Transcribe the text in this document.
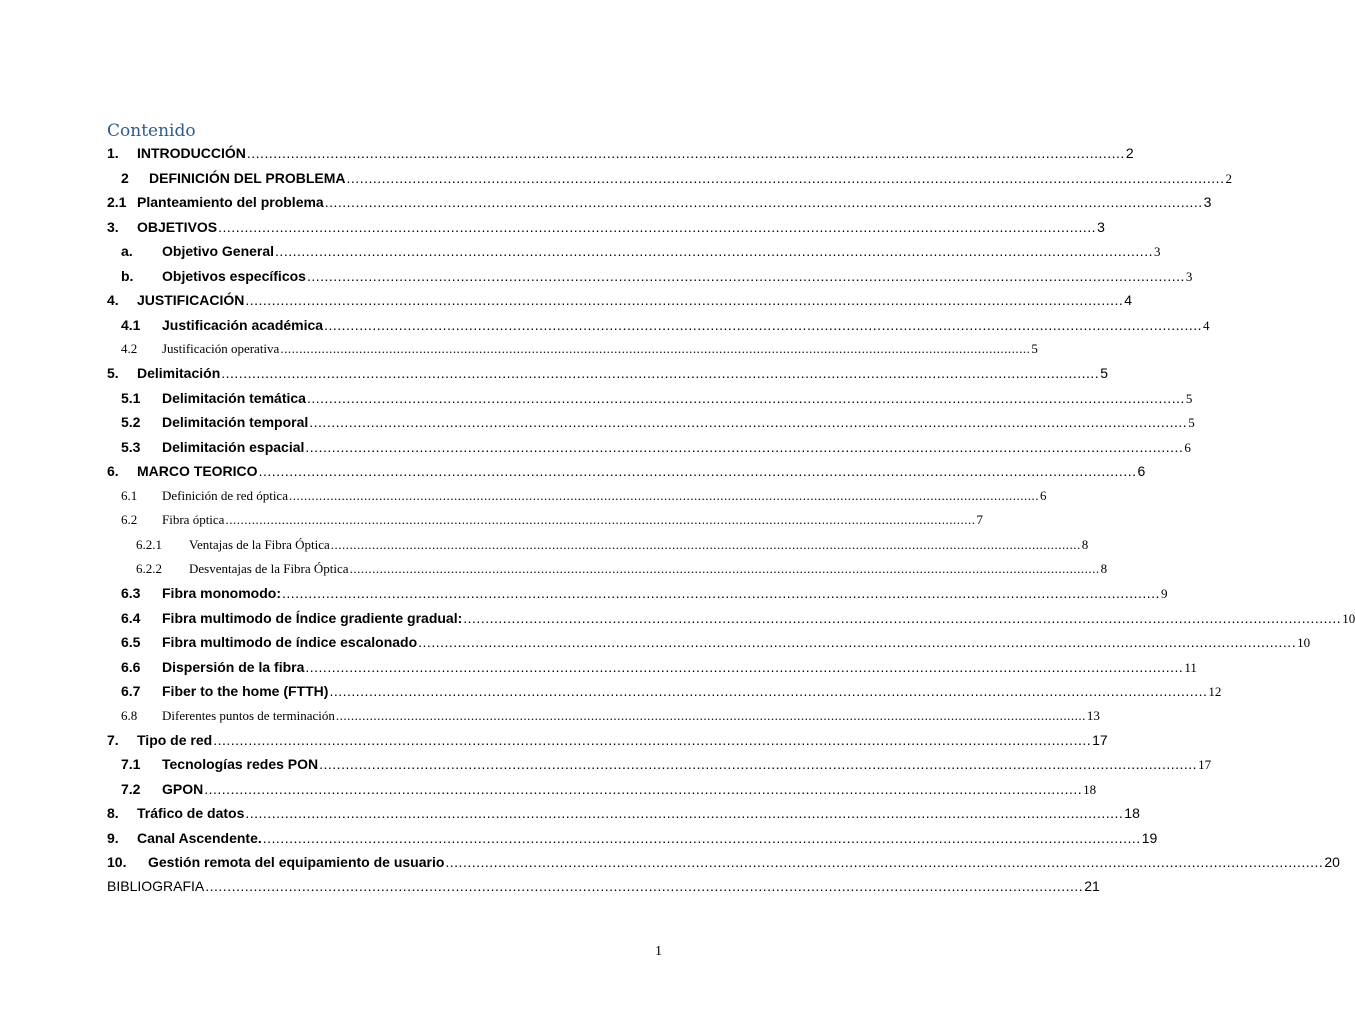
Contenido
1.	INTRODUCCIÓN ........................................................................................................................................................................................................ 2
2	DEFINICIÓN DEL PROBLEMA ........................................................................................................................................................................................................ 2
2.1 Planteamiento del problema ........................................................................................................................................................................................................ 3
3.	OBJETIVOS ........................................................................................................................................................................................................ 3
a.	Objetivo General ........................................................................................................................................................................................................ 3
b.	Objetivos específicos ........................................................................................................................................................................................................ 3
4.	JUSTIFICACIÓN ........................................................................................................................................................................................................ 4
4.1	Justificación académica ........................................................................................................................................................................................................ 4
4.2	Justificación operativa ........................................................................................................................................................................................................ 5
5.	Delimitación ........................................................................................................................................................................................................ 5
5.1	Delimitación temática ........................................................................................................................................................................................................ 5
5.2	Delimitación temporal ........................................................................................................................................................................................................ 5
5.3	Delimitación espacial ........................................................................................................................................................................................................ 6
6.	MARCO TEORICO ........................................................................................................................................................................................................ 6
6.1	Definición de red óptica ........................................................................................................................................................................................................ 6
6.2	Fibra óptica ........................................................................................................................................................................................................ 7
6.2.1	Ventajas de la Fibra Óptica ........................................................................................................................................................................................................ 8
6.2.2	Desventajas de la Fibra Óptica ........................................................................................................................................................................................................ 8
6.3	Fibra monomodo: ........................................................................................................................................................................................................ 9
6.4	Fibra multimodo de Índice gradiente gradual: ........................................................................................................................................................................................................ 10
6.5	Fibra multimodo de índice escalonado ........................................................................................................................................................................................................ 10
6.6	Dispersión de la fibra ........................................................................................................................................................................................................ 11
6.7	Fiber to the home (FTTH) ........................................................................................................................................................................................................ 12
6.8	Diferentes puntos de terminación ........................................................................................................................................................................................................ 13
7.	Tipo de red ........................................................................................................................................................................................................ 17
7.1	Tecnologías redes PON ........................................................................................................................................................................................................ 17
7.2	GPON ........................................................................................................................................................................................................ 18
8.	Tráfico de datos ........................................................................................................................................................................................................ 18
9.	Canal Ascendente. ........................................................................................................................................................................................................ 19
10.	Gestión remota del equipamiento de usuario ........................................................................................................................................................................................................ 20
BIBLIOGRAFIA ........................................................................................................................................................................................................ 21
1
